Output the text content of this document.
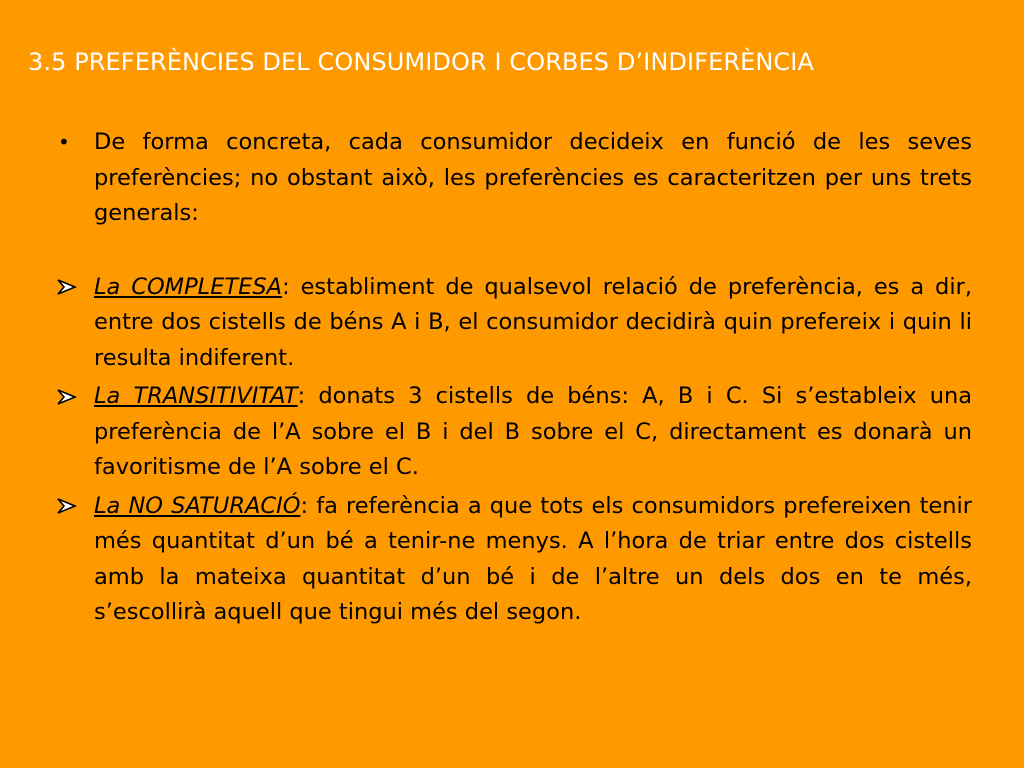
3.5 PREFERÈNCIES DEL CONSUMIDOR I CORBES D’INDIFERÈNCIA
• De forma concreta, cada consumidor decideix en funció de les seves preferències; no obstant això, les preferències es caracteritzen per uns trets generals:
La COMPLETESA: establiment de qualsevol relació de preferència, es a dir, entre dos cistells de béns A i B, el consumidor decidirà quin prefereix i quin li resulta indiferent.
La TRANSITIVITAT: donats 3 cistells de béns: A, B i C. Si s’estableix una preferència de l’A sobre el B i del B sobre el C, directament es donarà un favoritisme de l’A sobre el C.
La NO SATURACIÓ: fa referència a que tots els consumidors prefereixen tenir més quantitat d’un bé a tenir-ne menys. A l’hora de triar entre dos cistells amb la mateixa quantitat d’un bé i de l’altre un dels dos en te més, s’escollirà aquell que tingui més del segon.
